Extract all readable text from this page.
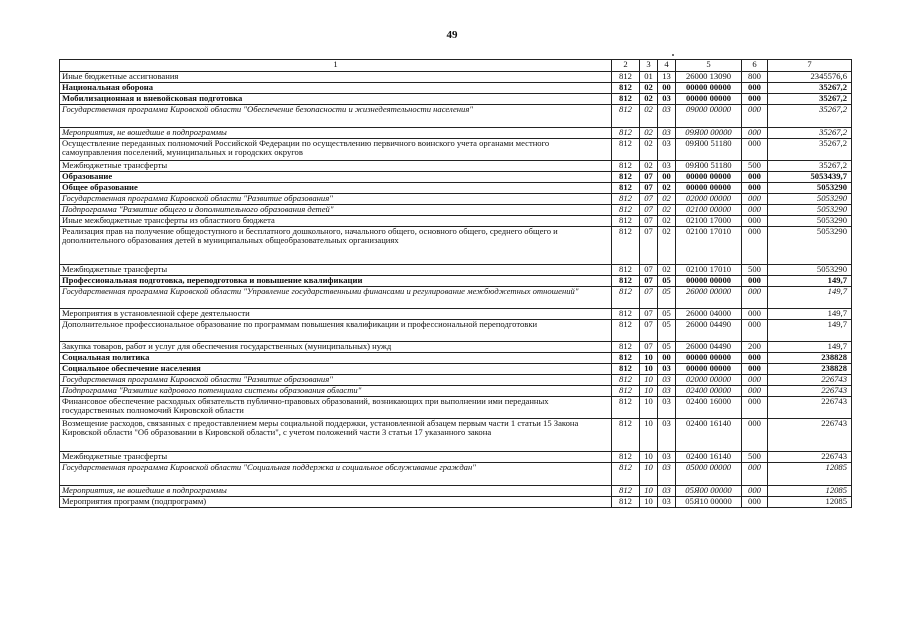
49
1	2	3	4	5	6	7
Иные бюджетные ассигнования	812	01	13	26000 13090	800	2345576,6
Национальная оборона	812	02	00	00000 00000	000	35267,2
Мобилизационная и вневойсковая подготовка	812	02	03	00000 00000	000	35267,2
Государственная программа Кировской области "Обеспечение безопасности и жизнедеятельности населения"	812	02	03	09000 00000	000	35267,2
Мероприятия, не вошедшие в подпрограммы	812	02	03	09Я00 00000	000	35267,2
Осуществление переданных полномочий Российской Федерации по осуществлению первичного воинского учета органами местного самоуправления поселений, муниципальных и городских округов	812	02	03	09Я00 51180	000	35267,2
Межбюджетные трансферты	812	02	03	09Я00 51180	500	35267,2
Образование	812	07	00	00000 00000	000	5053439,7
Общее образование	812	07	02	00000 00000	000	5053290
Государственная программа Кировской области "Развитие образования"	812	07	02	02000 00000	000	5053290
Подпрограмма "Развитие общего и дополнительного образования детей"	812	07	02	02100 00000	000	5053290
Иные межбюджетные трансферты из областного бюджета	812	07	02	02100 17000	000	5053290
Реализация прав на получение общедоступного и бесплатного дошкольного, начального общего, основного общего, среднего общего и дополнительного образования детей в муниципальных общеобразовательных организациях	812	07	02	02100 17010	000	5053290
Межбюджетные трансферты	812	07	02	02100 17010	500	5053290
Профессиональная подготовка, переподготовка и повышение квалификации	812	07	05	00000 00000	000	149,7
Государственная программа Кировской области "Управление государственными финансами и регулирование межбюджетных отношений"	812	07	05	26000 00000	000	149,7
Мероприятия в установленной сфере деятельности	812	07	05	26000 04000	000	149,7
Дополнительное профессиональное образование по программам повышения квалификации и профессиональной переподготовки	812	07	05	26000 04490	000	149,7
Закупка товаров, работ и услуг для обеспечения государственных (муниципальных) нужд	812	07	05	26000 04490	200	149,7
Социальная политика	812	10	00	00000 00000	000	238828
Социальное обеспечение населения	812	10	03	00000 00000	000	238828
Государственная программа Кировской области "Развитие образования"	812	10	03	02000 00000	000	226743
Подпрограмма "Развитие кадрового потенциала системы образования области"	812	10	03	02400 00000	000	226743
Финансовое обеспечение расходных обязательств публично-правовых образований, возникающих при выполнении ими переданных государственных полномочий Кировской области	812	10	03	02400 16000	000	226743
Возмещение расходов, связанных с предоставлением меры социальной поддержки, установленной абзацем первым части 1 статьи 15 Закона Кировской области "Об образовании в Кировской области", с учетом положений части 3 статьи 17 указанного закона	812	10	03	02400 16140	000	226743
Межбюджетные трансферты	812	10	03	02400 16140	500	226743
Государственная программа Кировской области "Социальная поддержка и социальное обслуживание граждан"	812	10	03	05000 00000	000	12085
Мероприятия, не вошедшие в подпрограммы	812	10	03	05Я00 00000	000	12085
Мероприятия программ (подпрограмм)	812	10	03	05Я10 00000	000	12085
